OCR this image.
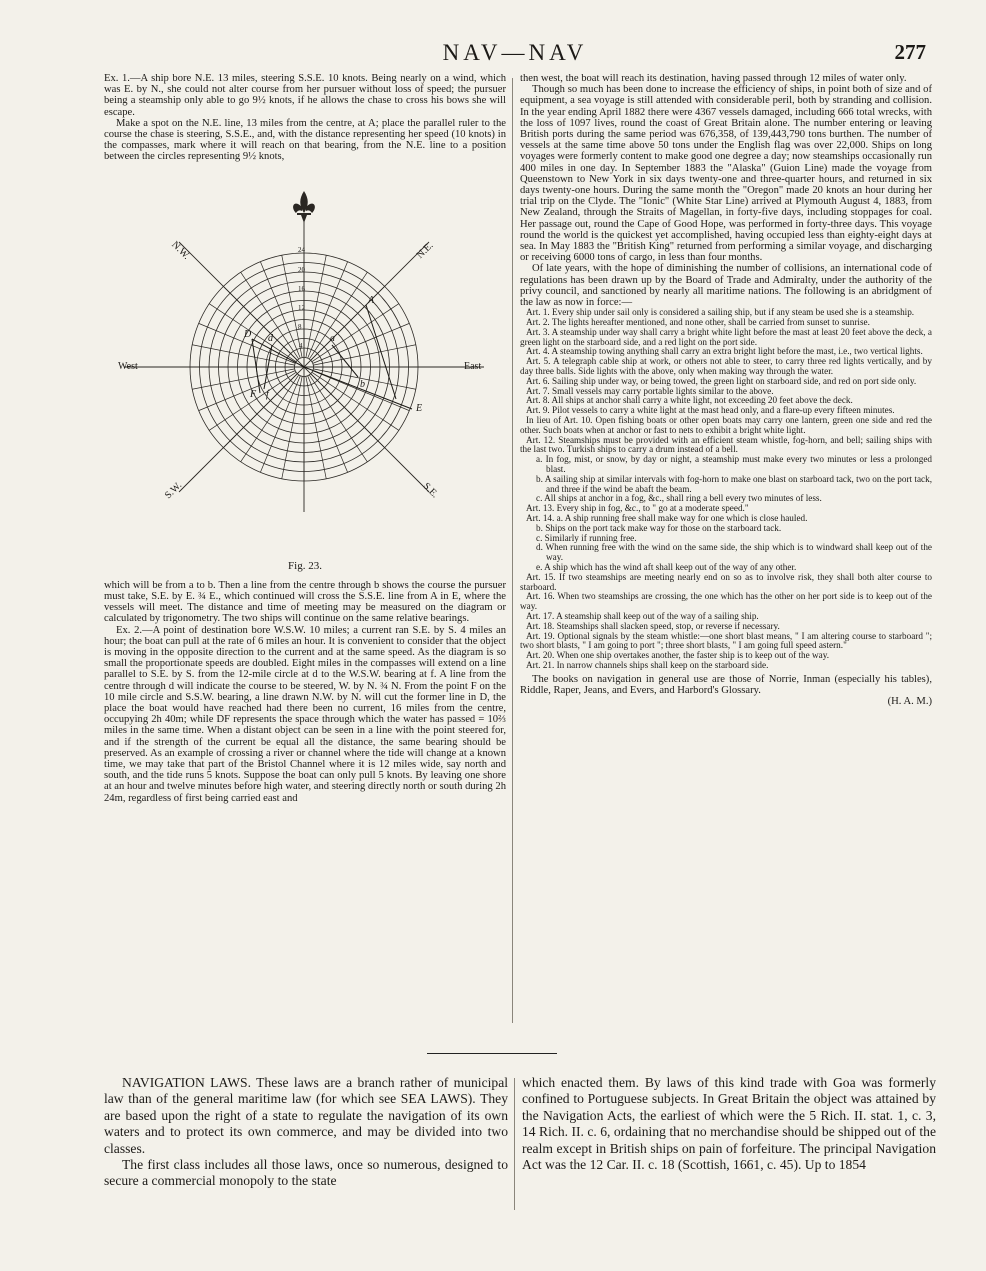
NAV—NAV	277

Ex. 1.—A ship bore N.E. 13 miles, steering S.S.E. 10 knots. Being nearly on a wind, which was E. by N., she could not alter course from her pursuer without loss of speed; the pursuer being a steamship only able to go 9½ knots, if he allows the chase to cross his bows she will escape.

Make a spot on the N.E. line, 13 miles from the centre, at A; place the parallel ruler to the course the chase is steering, S.S.E., and, with the distance representing her speed (10 knots) in the compasses, mark where it will reach on that bearing, from the N.E. line to a position between the circles representing 9½ knots,

West	East
N.W.	N.E.
S.W.	S.E.
24
20
16
12
8
4
A
a
b
D d
E
F f
Fig. 23.

which will be from a to b. Then a line from the centre through b shows the course the pursuer must take, S.E. by E. ¾ E., which continued will cross the S.S.E. line from A in E, where the vessels will meet. The distance and time of meeting may be measured on the diagram or calculated by trigonometry. The two ships will continue on the same relative bearings.

Ex. 2.—A point of destination bore W.S.W. 10 miles; a current ran S.E. by S. 4 miles an hour; the boat can pull at the rate of 6 miles an hour. It is convenient to consider that the object is moving in the opposite direction to the current and at the same speed. As the diagram is so small the proportionate speeds are doubled. Eight miles in the compasses will extend on a line parallel to S.E. by S. from the 12-mile circle at d to the W.S.W. bearing at f. A line from the centre through d will indicate the course to be steered, W. by N. ¾ N. From the point F on the 10 mile circle and S.S.W. bearing, a line drawn N.W. by N. will cut the former line in D, the place the boat would have reached had there been no current, 16 miles from the centre, occupying 2h 40m; while DF represents the space through which the water has passed = 10⅔ miles in the same time. When a distant object can be seen in a line with the point steered for, and if the strength of the current be equal all the distance, the same bearing should be preserved. As an example of crossing a river or channel where the tide will change at a known time, we may take that part of the Bristol Channel where it is 12 miles wide, say north and south, and the tide runs 5 knots. Suppose the boat can only pull 5 knots. By leaving one shore at an hour and twelve minutes before high water, and steering directly north or south during 2h 24m, regardless of first being carried east and

then west, the boat will reach its destination, having passed through 12 miles of water only.

Though so much has been done to increase the efficiency of ships, in point both of size and of equipment, a sea voyage is still attended with considerable peril, both by stranding and collision. In the year ending April 1882 there were 4367 vessels damaged, including 666 total wrecks, with the loss of 1097 lives, round the coast of Great Britain alone. The number entering or leaving British ports during the same period was 676,358, of 139,443,790 tons burthen. The number of vessels at the same time above 50 tons under the English flag was over 22,000. Ships on long voyages were formerly content to make good one degree a day; now steamships occasionally run 400 miles in one day. In September 1883 the "Alaska" (Guion Line) made the voyage from Queenstown to New York in six days twenty-one and three-quarter hours, and returned in six days twenty-one hours. During the same month the "Oregon" made 20 knots an hour during her trial trip on the Clyde. The "Ionic" (White Star Line) arrived at Plymouth August 4, 1883, from New Zealand, through the Straits of Magellan, in forty-five days, including stoppages for coal. Her passage out, round the Cape of Good Hope, was performed in forty-three days. This voyage round the world is the quickest yet accomplished, having occupied less than eighty-eight days at sea. In May 1883 the "British King" returned from performing a similar voyage, and discharging or receiving 6000 tons of cargo, in less than four months.

Of late years, with the hope of diminishing the number of collisions, an international code of regulations has been drawn up by the Board of Trade and Admiralty, under the authority of the privy council, and sanctioned by nearly all maritime nations. The following is an abridgment of the law as now in force:—

Art. 1. Every ship under sail only is considered a sailing ship, but if any steam be used she is a steamship.

Art. 2. The lights hereafter mentioned, and none other, shall be carried from sunset to sunrise.

Art. 3. A steamship under way shall carry a bright white light before the mast at least 20 feet above the deck, a green light on the starboard side, and a red light on the port side.

Art. 4. A steamship towing anything shall carry an extra bright light before the mast, i.e., two vertical lights.

Art. 5. A telegraph cable ship at work, or others not able to steer, to carry three red lights vertically, and by day three balls. Side lights with the above, only when making way through the water.

Art. 6. Sailing ship under way, or being towed, the green light on starboard side, and red on port side only.

Art. 7. Small vessels may carry portable lights similar to the above.

Art. 8. All ships at anchor shall carry a white light, not exceeding 20 feet above the deck.

Art. 9. Pilot vessels to carry a white light at the mast head only, and a flare-up every fifteen minutes.

In lieu of Art. 10. Open fishing boats or other open boats may carry one lantern, green one side and red the other. Such boats when at anchor or fast to nets to exhibit a bright white light.

Art. 12. Steamships must be provided with an efficient steam whistle, fog-horn, and bell; sailing ships with the last two. Turkish ships to carry a drum instead of a bell.

a. In fog, mist, or snow, by day or night, a steamship must make every two minutes or less a prolonged blast.

b. A sailing ship at similar intervals with fog-horn to make one blast on starboard tack, two on the port tack, and three if the wind be abaft the beam.

c. All ships at anchor in a fog, &c., shall ring a bell every two minutes of less.

Art. 13. Every ship in fog, &c., to " go at a moderate speed."

Art. 14. a. A ship running free shall make way for one which is close hauled.

b. Ships on the port tack make way for those on the starboard tack.

c. Similarly if running free.

d. When running free with the wind on the same side, the ship which is to windward shall keep out of the way.

e. A ship which has the wind aft shall keep out of the way of any other.

Art. 15. If two steamships are meeting nearly end on so as to involve risk, they shall both alter course to starboard.

Art. 16. When two steamships are crossing, the one which has the other on her port side is to keep out of the way.

Art. 17. A steamship shall keep out of the way of a sailing ship.

Art. 18. Steamships shall slacken speed, stop, or reverse if necessary.

Art. 19. Optional signals by the steam whistle:—one short blast means, " I am altering course to starboard "; two short blasts, " I am going to port "; three short blasts, " I am going full speed astern."

Art. 20. When one ship overtakes another, the faster ship is to keep out of the way.

Art. 21. In narrow channels ships shall keep on the starboard side.

The books on navigation in general use are those of Norrie, Inman (especially his tables), Riddle, Raper, Jeans, and Evers, and Harbord's Glossary.

(H. A. M.)

NAVIGATION LAWS. These laws are a branch rather of municipal law than of the general maritime law (for which see SEA LAWS). They are based upon the right of a state to regulate the navigation of its own waters and to protect its own commerce, and may be divided into two classes.

The first class includes all those laws, once so numerous, designed to secure a commercial monopoly to the state

which enacted them. By laws of this kind trade with Goa was formerly confined to Portuguese subjects. In Great Britain the object was attained by the Navigation Acts, the earliest of which were the 5 Rich. II. stat. 1, c. 3, 14 Rich. II. c. 6, ordaining that no merchandise should be shipped out of the realm except in British ships on pain of forfeiture. The principal Navigation Act was the 12 Car. II. c. 18 (Scottish, 1661, c. 45). Up to 1854
